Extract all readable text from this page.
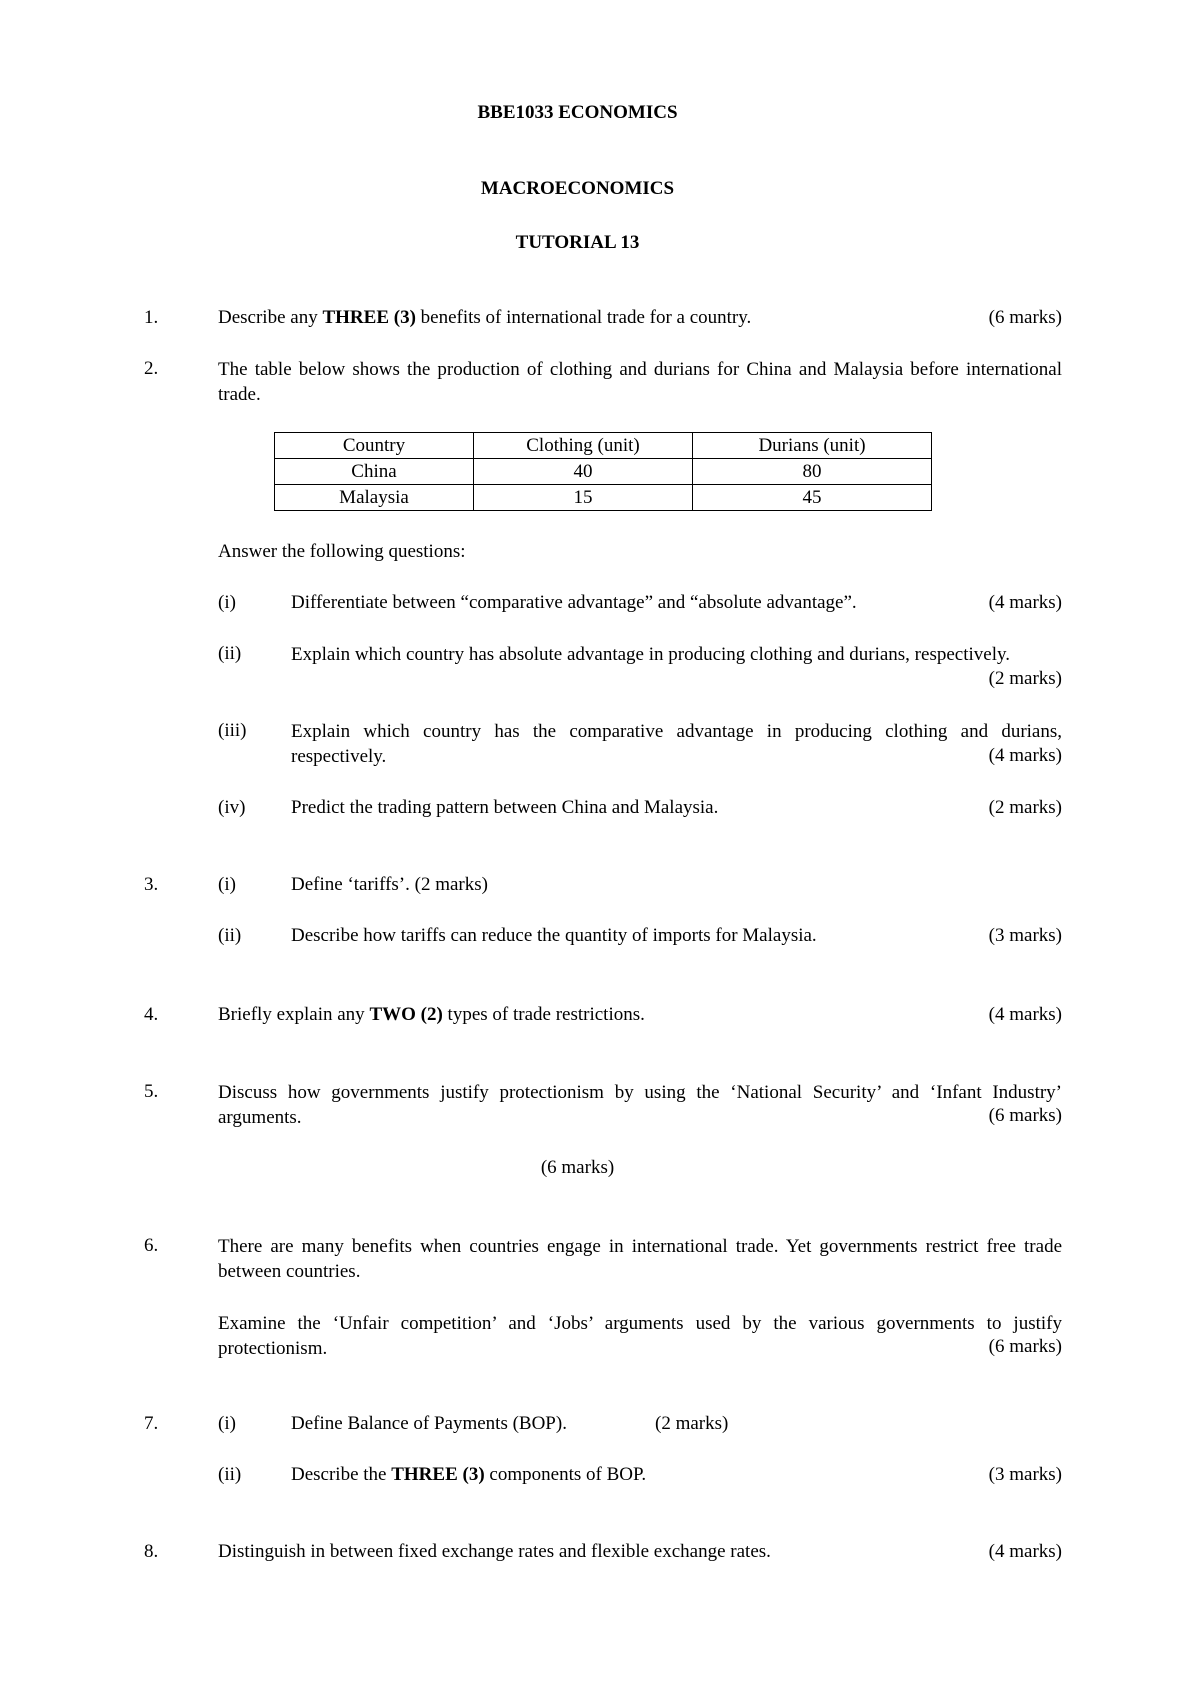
BBE1033 ECONOMICS
MACROECONOMICS
TUTORIAL 13
1.	Describe any THREE (3) benefits of international trade for a country.	(6 marks)
2.	The table below shows the production of clothing and durians for China and Malaysia before international trade.
Country	Clothing (unit)	Durians (unit)
China	40	80
Malaysia	15	45
Answer the following questions:
(i)	Differentiate between “comparative advantage” and “absolute advantage”.	(4 marks)
(ii)	Explain which country has absolute advantage in producing clothing and durians, respectively.
(2 marks)
(iii) Explain which country has the comparative advantage in producing clothing and durians, respectively.	(4 marks)
(iv) Predict the trading pattern between China and Malaysia.	(2 marks)
3.	(i)	Define ‘tariffs’. (2 marks)
(ii)	Describe how tariffs can reduce the quantity of imports for Malaysia.	(3 marks)
4.	Briefly explain any TWO (2) types of trade restrictions.	(4 marks)
5.	Discuss how governments justify protectionism by using the ‘National Security’ and ‘Infant Industry’ arguments.	(6 marks)
(6 marks)
6.	There are many benefits when countries engage in international trade. Yet governments restrict free trade between countries.
Examine the ‘Unfair competition’ and ‘Jobs’ arguments used by the various governments to justify protectionism.	(6 marks)
7.	(i)	Define Balance of Payments (BOP).	(2 marks)
(ii)	Describe the THREE (3) components of BOP.	(3 marks)
8.	Distinguish in between fixed exchange rates and flexible exchange rates.	(4 marks)
